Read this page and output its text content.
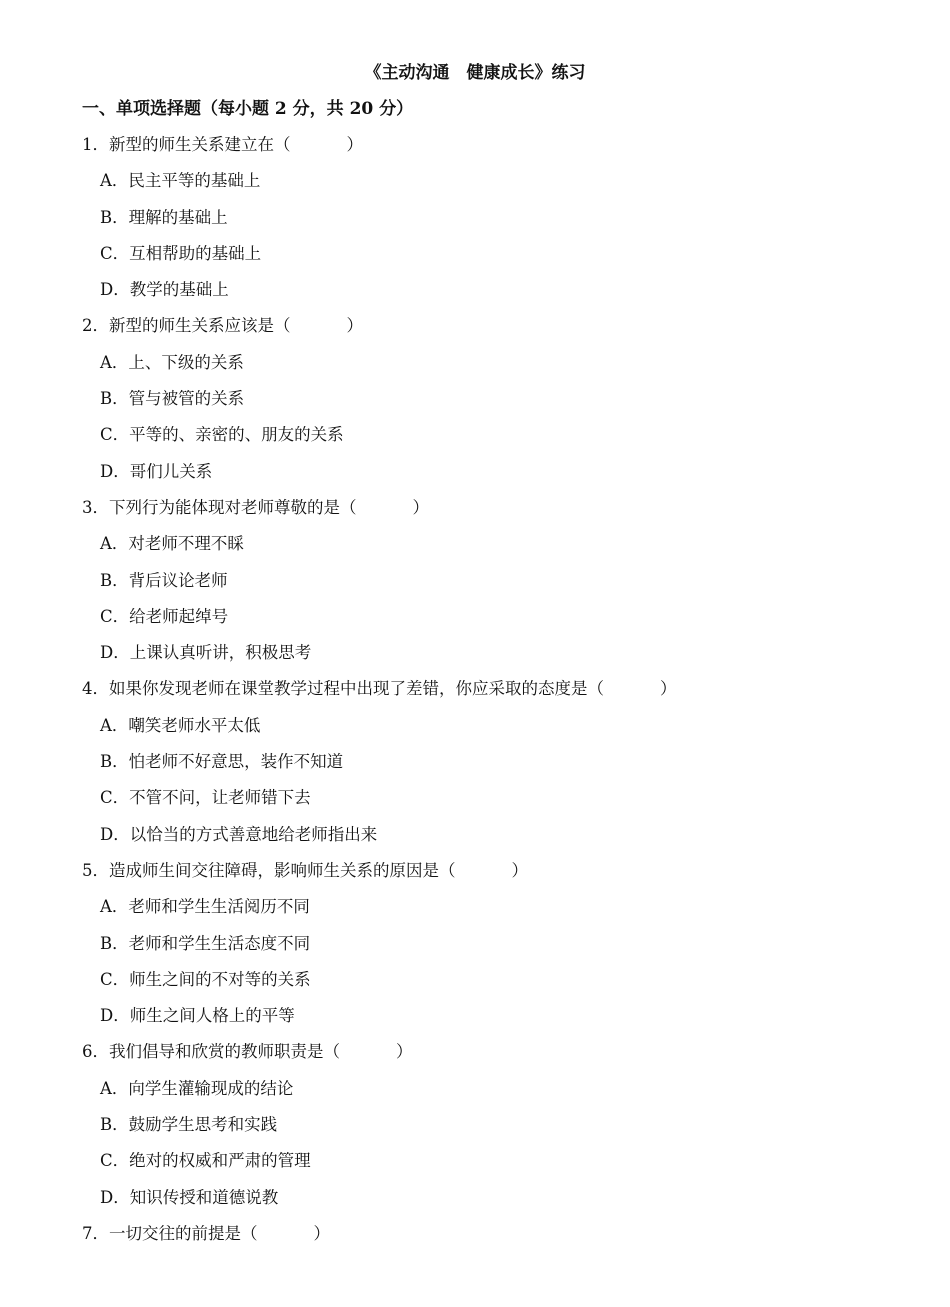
《主动沟通　健康成长》练习
一、单项选择题（每小题 2 分，共 20 分）
1．新型的师生关系建立在（	）
A．民主平等的基础上
B．理解的基础上
C．互相帮助的基础上
D．教学的基础上
2．新型的师生关系应该是（	）
A．上、下级的关系
B．管与被管的关系
C．平等的、亲密的、朋友的关系
D．哥们儿关系
3．下列行为能体现对老师尊敬的是（	）
A．对老师不理不睬
B．背后议论老师
C．给老师起绰号
D．上课认真听讲，积极思考
4．如果你发现老师在课堂教学过程中出现了差错，你应采取的态度是（	）
A．嘲笑老师水平太低
B．怕老师不好意思，装作不知道
C．不管不问，让老师错下去
D．以恰当的方式善意地给老师指出来
5．造成师生间交往障碍，影响师生关系的原因是（	）
A．老师和学生生活阅历不同
B．老师和学生生活态度不同
C．师生之间的不对等的关系
D．师生之间人格上的平等
6．我们倡导和欣赏的教师职责是（	）
A．向学生灌输现成的结论
B．鼓励学生思考和实践
C．绝对的权威和严肃的管理
D．知识传授和道德说教
7．一切交往的前提是（	）
